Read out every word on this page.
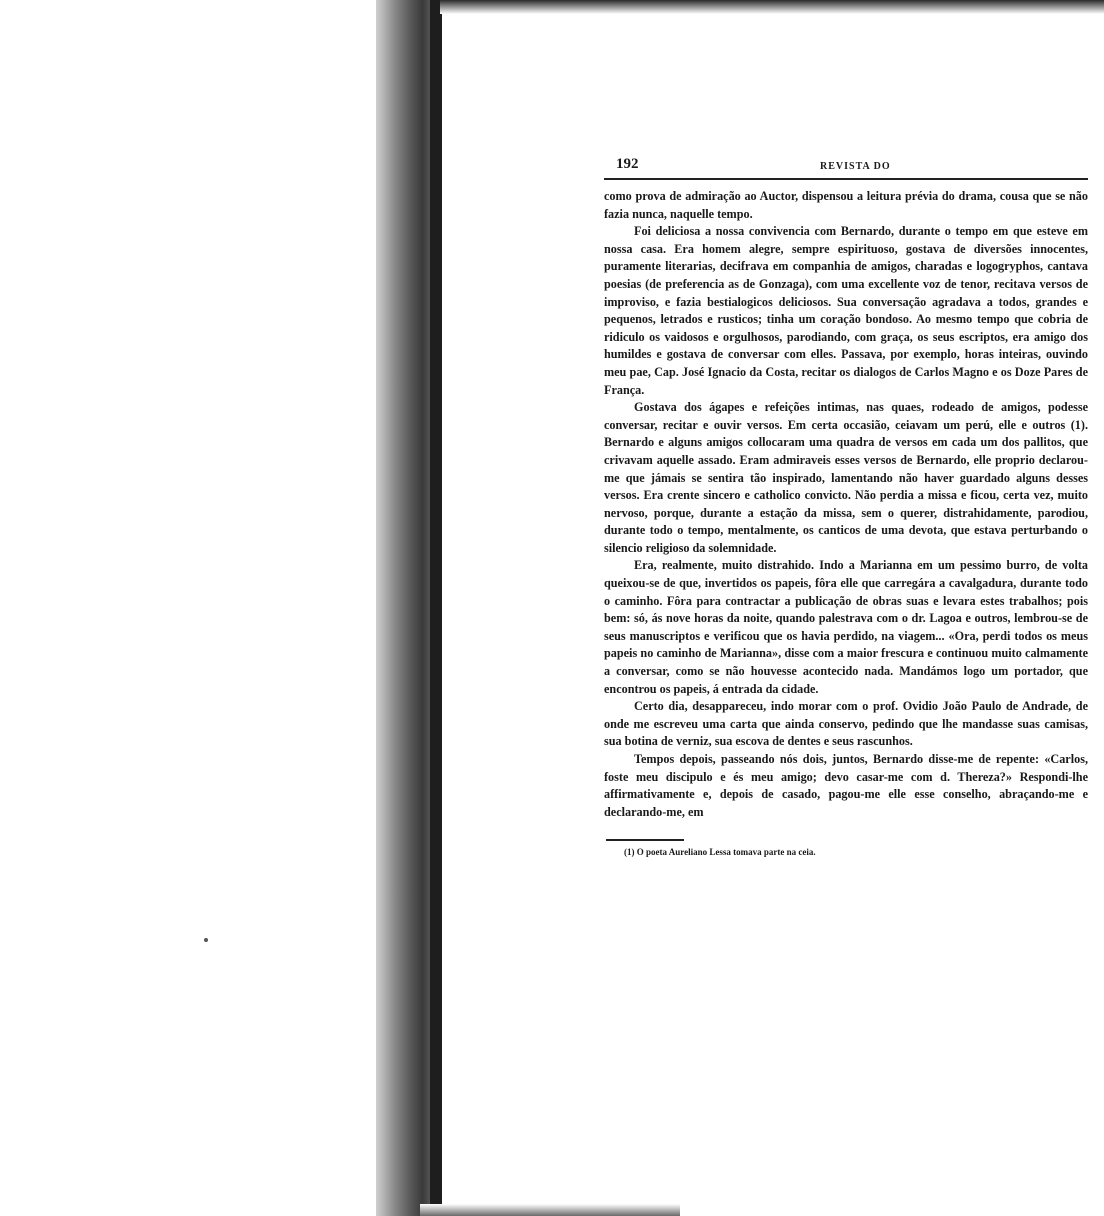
192	REVISTA DO

como prova de admiração ao Auctor, dispensou a leitura prévia do drama, cousa que se não fazia nunca, naquelle tempo.

Foi deliciosa a nossa convivencia com Bernardo, durante o tempo em que esteve em nossa casa. Era homem alegre, sempre espirituoso, gostava de diversões innocentes, puramente literarias, decifrava em companhia de amigos, charadas e logogryphos, cantava poesias (de preferencia as de Gonzaga), com uma excellente voz de tenor, recitava versos de improviso, e fazia bestialogicos deliciosos. Sua conversação agradava a todos, grandes e pequenos, letrados e rusticos; tinha um coração bondoso. Ao mesmo tempo que cobria de ridiculo os vaidosos e orgulhosos, parodiando, com graça, os seus escriptos, era amigo dos humildes e gostava de conversar com elles. Passava, por exemplo, horas inteiras, ouvindo meu pae, Cap. José Ignacio da Costa, recitar os dialogos de Carlos Magno e os Doze Pares de França.

Gostava dos ágapes e refeições intimas, nas quaes, rodeado de amigos, podesse conversar, recitar e ouvir versos. Em certa occasião, ceiavam um perú, elle e outros (1). Bernardo e alguns amigos collocaram uma quadra de versos em cada um dos pallitos, que crivavam aquelle assado. Eram admiraveis esses versos de Bernardo, elle proprio declarou-me que jámais se sentira tão inspirado, lamentando não haver guardado alguns desses versos. Era crente sincero e catholico convicto. Não perdia a missa e ficou, certa vez, muito nervoso, porque, durante a estação da missa, sem o querer, distrahidamente, parodiou, durante todo o tempo, mentalmente, os canticos de uma devota, que estava perturbando o silencio religioso da solemnidade.

Era, realmente, muito distrahido. Indo a Marianna em um pessimo burro, de volta queixou-se de que, invertidos os papeis, fôra elle que carregára a cavalgadura, durante todo o caminho. Fôra para contractar a publicação de obras suas e levara estes trabalhos; pois bem: só, ás nove horas da noite, quando palestrava com o dr. Lagoa e outros, lembrou-se de seus manuscriptos e verificou que os havia perdido, na viagem... «Ora, perdi todos os meus papeis no caminho de Marianna», disse com a maior frescura e continuou muito calmamente a conversar, como se não houvesse acontecido nada. Mandámos logo um portador, que encontrou os papeis, á entrada da cidade.

Certo dia, desappareceu, indo morar com o prof. Ovidio João Paulo de Andrade, de onde me escreveu uma carta que ainda conservo, pedindo que lhe mandasse suas camisas, sua botina de verniz, sua escova de dentes e seus rascunhos.

Tempos depois, passeando nós dois, juntos, Bernardo disse-me de repente: «Carlos, foste meu discipulo e és meu amigo; devo casar-me com d. Thereza?» Respondi-lhe affirmativamente e, depois de casado, pagou-me elle esse conselho, abraçando-me e declarando-me, em

(1) O poeta Aureliano Lessa tomava parte na ceia.
